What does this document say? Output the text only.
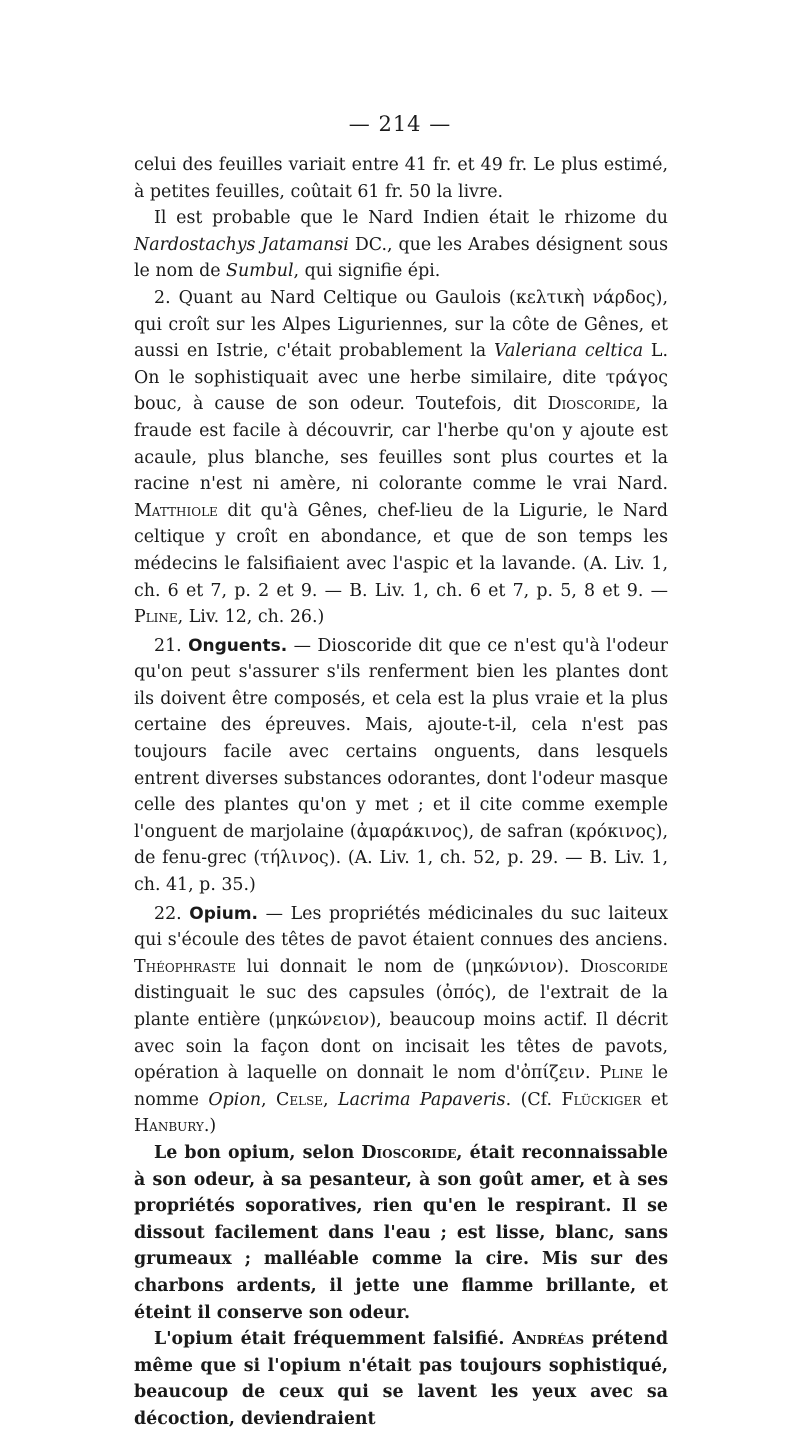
— 214 —

celui des feuilles variait entre 41 fr. et 49 fr. Le plus estimé, à petites feuilles, coûtait 61 fr. 50 la livre.

Il est probable que le Nard Indien était le rhizome du Nardostachys Jatamansi DC., que les Arabes désignent sous le nom de Sumbul, qui signifie épi.

2. Quant au Nard Celtique ou Gaulois (κελτικὴ νάρδος), qui croît sur les Alpes Liguriennes, sur la côte de Gênes, et aussi en Istrie, c'était probablement la Valeriana celtica L. On le sophistiquait avec une herbe similaire, dite τράγος bouc, à cause de son odeur. Toutefois, dit Dioscoride, la fraude est facile à découvrir, car l'herbe qu'on y ajoute est acaule, plus blanche, ses feuilles sont plus courtes et la racine n'est ni amère, ni colorante comme le vrai Nard. Matthiole dit qu'à Gênes, chef-lieu de la Ligurie, le Nard celtique y croît en abondance, et que de son temps les médecins le falsifiaient avec l'aspic et la lavande. (A. Liv. 1, ch. 6 et 7, p. 2 et 9. — B. Liv. 1, ch. 6 et 7, p. 5, 8 et 9. — Pline, Liv. 12, ch. 26.)

21. Onguents. — Dioscoride dit que ce n'est qu'à l'odeur qu'on peut s'assurer s'ils renferment bien les plantes dont ils doivent être composés, et cela est la plus vraie et la plus certaine des épreuves. Mais, ajoute-t-il, cela n'est pas toujours facile avec certains onguents, dans lesquels entrent diverses substances odorantes, dont l'odeur masque celle des plantes qu'on y met ; et il cite comme exemple l'onguent de marjolaine (ἀμαράκινος), de safran (κρόκινος), de fenu-grec (τήλινος). (A. Liv. 1, ch. 52, p. 29. — B. Liv. 1, ch. 41, p. 35.)

22. Opium. — Les propriétés médicinales du suc laiteux qui s'écoule des têtes de pavot étaient connues des anciens. Théophraste lui donnait le nom de (μηκώνιον). Dioscoride distinguait le suc des capsules (ὀπός), de l'extrait de la plante entière (μηκώνειον), beaucoup moins actif. Il décrit avec soin la façon dont on incisait les têtes de pavots, opération à laquelle on donnait le nom d'ὀπίζειν. Pline le nomme Opion, Celse, Lacrima Papaveris. (Cf. Flückiger et Hanbury.)

Le bon opium, selon Dioscoride, était reconnaissable à son odeur, à sa pesanteur, à son goût amer, et à ses propriétés soporatives, rien qu'en le respirant. Il se dissout facilement dans l'eau ; est lisse, blanc, sans grumeaux ; malléable comme la cire. Mis sur des charbons ardents, il jette une flamme brillante, et éteint il conserve son odeur.

L'opium était fréquemment falsifié. Andréas prétend même que si l'opium n'était pas toujours sophistiqué, beaucoup de ceux qui se lavent les yeux avec sa décoction, deviendraient
